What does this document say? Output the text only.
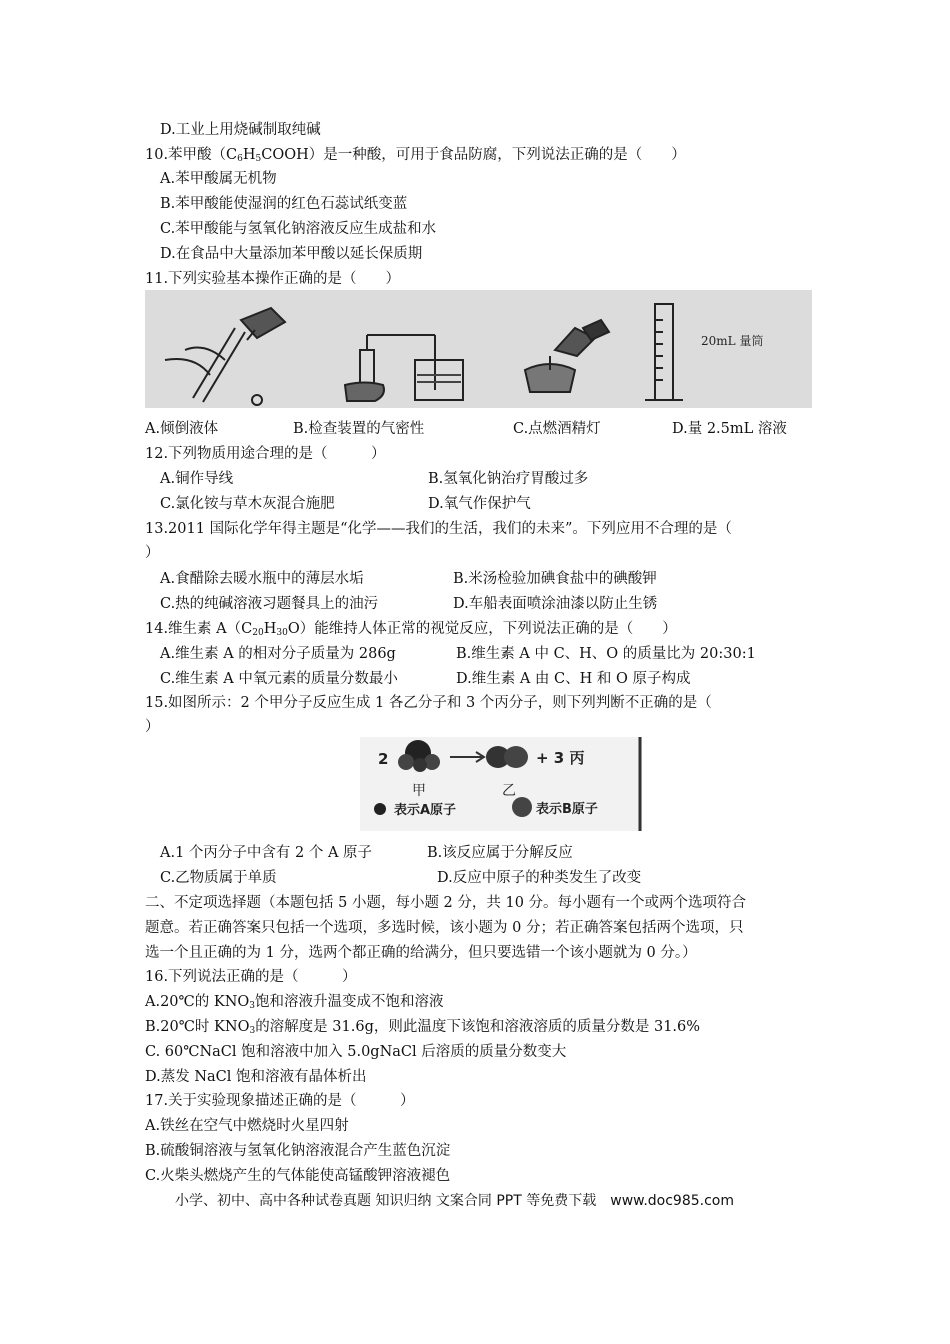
D.工业上用烧碱制取纯碱
10.苯甲酸$(C_6H_5COOH)$是一种酸，可用于食品防腐，下列说法正确的是（　　）
A.苯甲酸属无机物
B.苯甲酸能使湿润的红色石蕊试纸变蓝
C.苯甲酸能与氢氧化钠溶液反应生成盐和水
D.在食品中大量添加苯甲酸以延长保质期
11.下列实验基本操作正确的是（　　）
20mL 量筒
A.倾倒液体	B.检查装置的气密性	C.点燃酒精灯	D.量 2.5mL 溶液
12.下列物质用途合理的是（　　　）
A.铜作导线	B.氢氧化钠治疗胃酸过多
C.氯化铵与草木灰混合施肥	D.氧气作保护气
13.2011 国际化学年得主题是“化学——我们的生活，我们的未来”。下列应用不合理的是（
）
A.食醋除去暖水瓶中的薄层水垢	B.米汤检验加碘食盐中的碘酸钾
C.热的纯碱溶液习题餐具上的油污	D.车船表面喷涂油漆以防止生锈
14.维生素 $A(C_{20}H_{30}O)$能维持人体正常的视觉反应，下列说法正确的是（　　）
A.维生素 A 的相对分子质量为 286g	B.维生素 A 中 C、H、O 的质量比为 20:30:1
C.维生素 A 中氧元素的质量分数最小	D.维生素 A 由 C、H 和 O 原子构成
15.如图所示：2 个甲分子反应生成 1 各乙分子和 3 个丙分子，则下列判断不正确的是（
）
2	+ 3 丙
甲	乙
表示A原子	表示B原子
A.1 个丙分子中含有 2 个 A 原子	B.该反应属于分解反应
C.乙物质属于单质	D.反应中原子的种类发生了改变
二、不定项选择题（本题包括 5 小题，每小题 2 分，共 10 分。每小题有一个或两个选项符合
题意。若正确答案只包括一个选项，多选时候，该小题为 0 分；若正确答案包括两个选项，只
选一个且正确的为 1 分，选两个都正确的给满分，但只要选错一个该小题就为 0 分。）
16.下列说法正确的是（　　　）
A.20℃的 $KNO_3$饱和溶液升温变成不饱和溶液
B.20℃时 $KNO_3$的溶解度是 31.6g，则此温度下该饱和溶液溶质的质量分数是 31.6%
C. 60℃NaCl 饱和溶液中加入 5.0gNaCl 后溶质的质量分数变大
D.蒸发 NaCl 饱和溶液有晶体析出
17.关于实验现象描述正确的是（　　　）
A.铁丝在空气中燃烧时火星四射
B.硫酸铜溶液与氢氧化钠溶液混合产生蓝色沉淀
C.火柴头燃烧产生的气体能使高锰酸钾溶液褪色
小学、初中、高中各种试卷真题 知识归纳 文案合同 PPT 等免费下载 www.doc985.com
